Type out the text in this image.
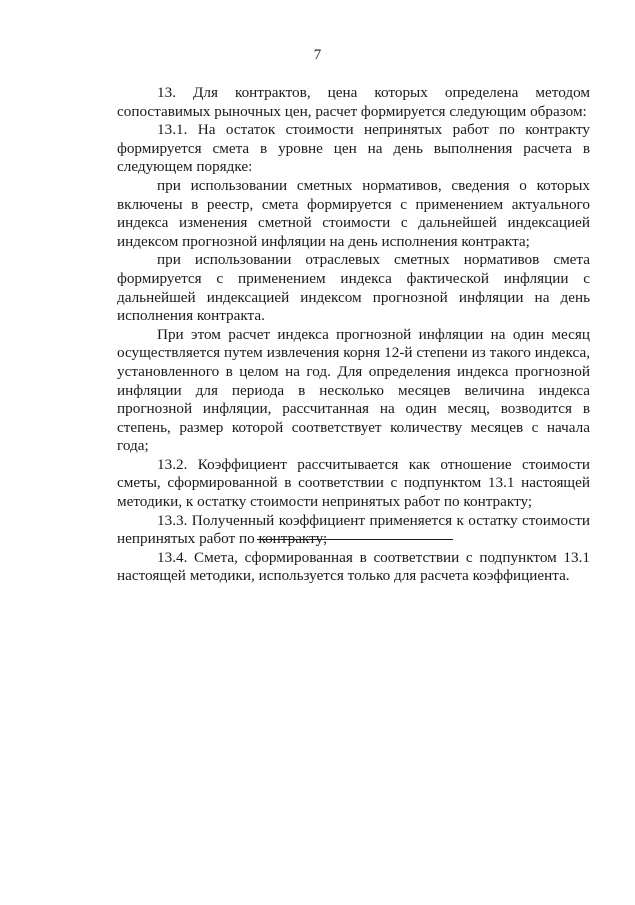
7

13. Для контрактов, цена которых определена методом сопоставимых рыночных цен, расчет формируется следующим образом:

13.1. На остаток стоимости непринятых работ по контракту формируется смета в уровне цен на день выполнения расчета в следующем порядке:

при использовании сметных нормативов, сведения о которых включены в реестр, смета формируется с применением актуального индекса изменения сметной стоимости с дальнейшей индексацией индексом прогнозной инфляции на день исполнения контракта;

при использовании отраслевых сметных нормативов смета формируется с применением индекса фактической инфляции с дальнейшей индексацией индексом прогнозной инфляции на день исполнения контракта.

При этом расчет индекса прогнозной инфляции на один месяц осуществляется путем извлечения корня 12-й степени из такого индекса, установленного в целом на год. Для определения индекса прогнозной инфляции для периода в несколько месяцев величина индекса прогнозной инфляции, рассчитанная на один месяц, возводится в степень, размер которой соответствует количеству месяцев с начала года;

13.2. Коэффициент рассчитывается как отношение стоимости сметы, сформированной в соответствии с подпунктом 13.1 настоящей методики, к остатку стоимости непринятых работ по контракту;

13.3. Полученный коэффициент применяется к остатку стоимости непринятых работ по контракту;

13.4. Смета, сформированная в соответствии с подпунктом 13.1 настоящей методики, используется только для расчета коэффициента.
